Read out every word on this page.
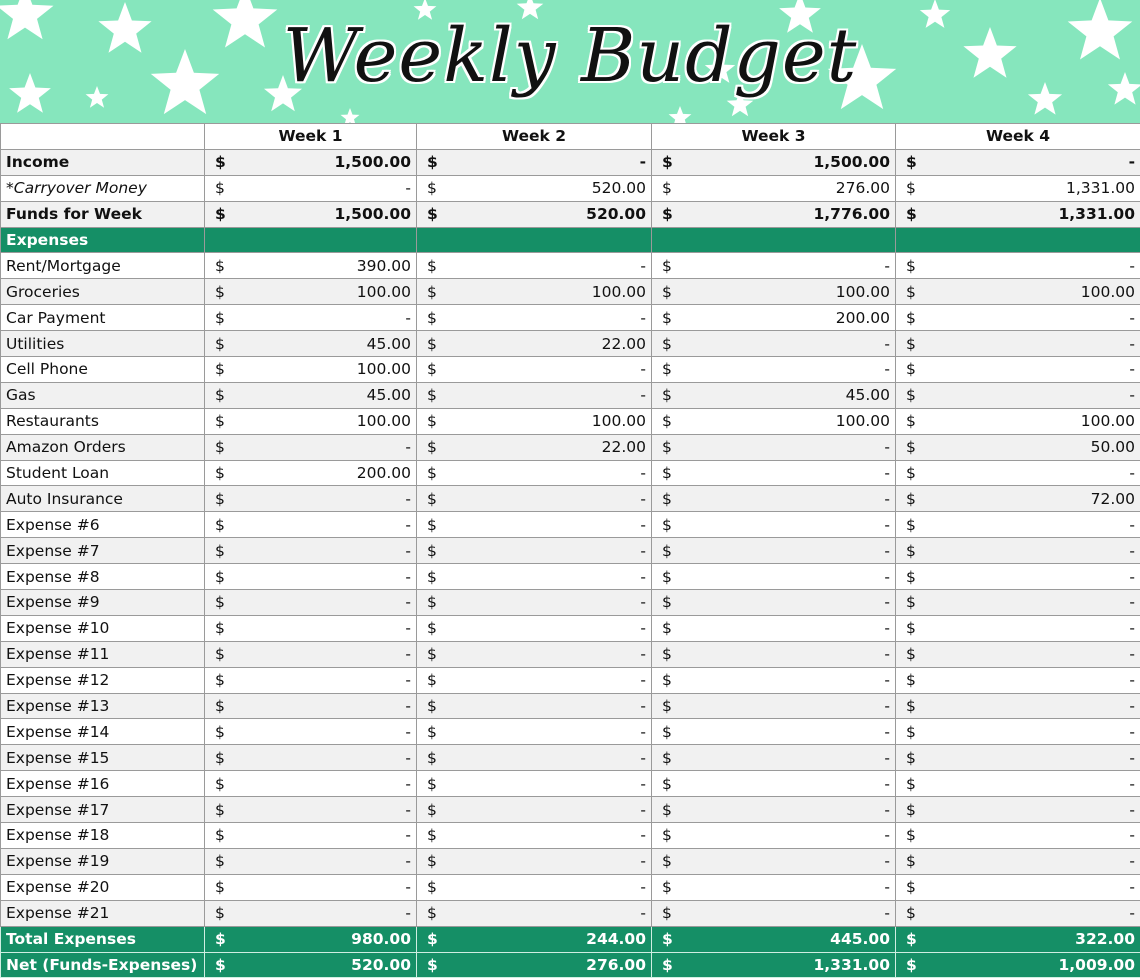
Weekly Budget
	Week 1	Week 2	Week 3	Week 4
Income	$ 1,500.00	$ -	$ 1,500.00	$ -
*Carryover Money	$ -	$ 520.00	$ 276.00	$ 1,331.00
Funds for Week	$ 1,500.00	$ 520.00	$ 1,776.00	$ 1,331.00
Expenses				
Rent/Mortgage	$ 390.00	$ -	$ -	$ -
Groceries	$ 100.00	$ 100.00	$ 100.00	$ 100.00
Car Payment	$ -	$ -	$ 200.00	$ -
Utilities	$ 45.00	$ 22.00	$ -	$ -
Cell Phone	$ 100.00	$ -	$ -	$ -
Gas	$ 45.00	$ -	$ 45.00	$ -
Restaurants	$ 100.00	$ 100.00	$ 100.00	$ 100.00
Amazon Orders	$ -	$ 22.00	$ -	$ 50.00
Student Loan	$ 200.00	$ -	$ -	$ -
Auto Insurance	$ -	$ -	$ -	$ 72.00
Expense #6	$ -	$ -	$ -	$ -
Expense #7	$ -	$ -	$ -	$ -
Expense #8	$ -	$ -	$ -	$ -
Expense #9	$ -	$ -	$ -	$ -
Expense #10	$ -	$ -	$ -	$ -
Expense #11	$ -	$ -	$ -	$ -
Expense #12	$ -	$ -	$ -	$ -
Expense #13	$ -	$ -	$ -	$ -
Expense #14	$ -	$ -	$ -	$ -
Expense #15	$ -	$ -	$ -	$ -
Expense #16	$ -	$ -	$ -	$ -
Expense #17	$ -	$ -	$ -	$ -
Expense #18	$ -	$ -	$ -	$ -
Expense #19	$ -	$ -	$ -	$ -
Expense #20	$ -	$ -	$ -	$ -
Expense #21	$ -	$ -	$ -	$ -
Total Expenses	$ 980.00	$ 244.00	$ 445.00	$ 322.00
Net (Funds-Expenses)	$ 520.00	$ 276.00	$ 1,331.00	$ 1,009.00
